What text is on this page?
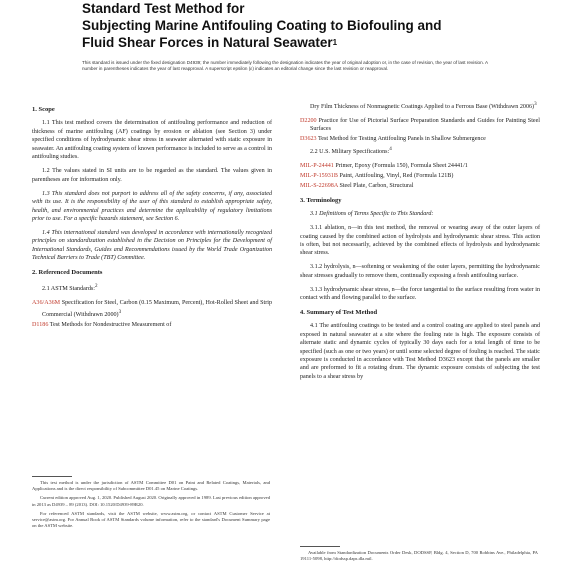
Standard Test Method for
Subjecting Marine Antifouling Coating to Biofouling and
Fluid Shear Forces in Natural Seawater$^1$
This standard is issued under the fixed designation D4939; the number immediately following the designation indicates the year of original adoption or, in the case of revision, the year of last revision. A number in parentheses indicates the year of last reapproval. A superscript epsilon (ε) indicates an editorial change since the last revision or reapproval.
1. Scope

1.1 This test method covers the determination of antifouling performance and reduction of thickness of marine antifouling (AF) coatings by erosion or ablation (see Section 3) under specified conditions of hydrodynamic shear stress in seawater alternated with static exposure in seawater. An antifouling coating system of known performance is included to serve as a control in antifouling studies.

1.2 The values stated in SI units are to be regarded as the standard. The values given in parentheses are for information only.

1.3 This standard does not purport to address all of the safety concerns, if any, associated with its use. It is the responsibility of the user of this standard to establish appropriate safety, health, and environmental practices and determine the applicability of regulatory limitations prior to use. For a specific hazards statement, see Section 6.

1.4 This international standard was developed in accordance with internationally recognized principles on standardization established in the Decision on Principles for the Development of International Standards, Guides and Recommendations issued by the World Trade Organization Technical Barriers to Trade (TBT) Committee.

2. Referenced Documents

2.1 ASTM Standards:$^2$

A36/A36M Specification for Steel, Carbon (0.15 Maximum, Percent), Hot-Rolled Sheet and Strip Commercial (Withdrawn 2000)$^3$

D1186 Test Methods for Nondestructive Measurement of

This test method is under the jurisdiction of ASTM Committee D01 on Paint and Related Coatings, Materials, and Applications and is the direct responsibility of Subcommittee D01.45 on Marine Coatings.

Current edition approved Aug. 1, 2020. Published August 2020. Originally approved in 1989. Last previous edition approved in 2013 as D4939 – 89 (2013). DOI: 10.1520/D4939-89R20.

For referenced ASTM standards, visit the ASTM website, www.astm.org, or contact ASTM Customer Service at service@astm.org. For Annual Book of ASTM Standards volume information, refer to the standard's Document Summary page on the ASTM website.

Dry Film Thickness of Nonmagnetic Coatings Applied to a Ferrous Base (Withdrawn 2006)$^3$

D2200 Practice for Use of Pictorial Surface Preparation Standards and Guides for Painting Steel Surfaces

D3623 Test Method for Testing Antifouling Panels in Shallow Submergence

2.2 U.S. Military Specifications:$^4$

MIL-P-24441 Primer, Epoxy (Formula 150), Formula Sheet 24441/1

MIL-P-15931B Paint, Antifouling, Vinyl, Red (Formula 121B)

MIL-S-22698A Steel Plate, Carbon, Structural

3. Terminology

3.1 Definitions of Terms Specific to This Standard:

3.1.1 ablation, n—in this test method, the removal or wearing away of the outer layers of coating caused by the combined action of hydrolysis and hydrodynamic shear stress. This action is often, but not necessarily, achieved by the combined effects of hydrolysis and hydrodynamic shear stress.

3.1.2 hydrolysis, n—softening or weakening of the outer layers, permitting the hydrodynamic shear stresses gradually to remove them, continually exposing a fresh antifouling surface.

3.1.3 hydrodynamic shear stress, n—the force tangential to the surface resulting from water in contact with and flowing parallel to the surface.

4. Summary of Test Method

4.1 The antifouling coatings to be tested and a control coating are applied to steel panels and exposed in natural seawater at a site where the fouling rate is high. The exposure consists of alternate static and dynamic cycles of typically 30 days each for a total length of time to be specified (such as one or two years) or until some selected degree of fouling is reached. The static exposure is conducted in accordance with Test Method D3623 except that the panels are smaller and are preformed to fit a rotating drum. The dynamic exposure consists of subjecting the test panels to a shear stress by

Available from Standardization Documents Order Desk, DODSSP, Bldg. 4, Section D, 700 Robbins Ave., Philadelphia, PA 19111-5098, http://dodssp.daps.dla.mil.
